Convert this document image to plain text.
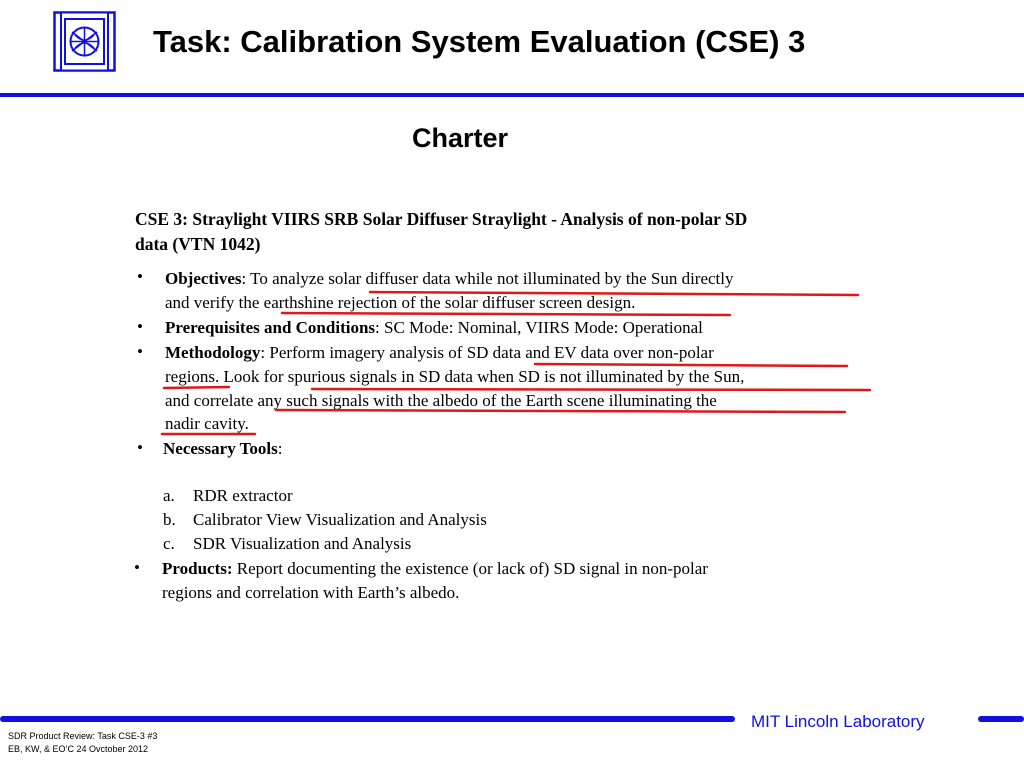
Task: Calibration System Evaluation (CSE) 3
Charter
CSE 3: Straylight VIIRS SRB Solar Diffuser Straylight - Analysis of non-polar SD
data (VTN 1042)
• Objectives: To analyze solar diffuser data while not illuminated by the Sun directly
and verify the earthshine rejection of the solar diffuser screen design.
• Prerequisites and Conditions: SC Mode: Nominal, VIIRS Mode: Operational
• Methodology: Perform imagery analysis of SD data and EV data over non-polar
regions. Look for spurious signals in SD data when SD is not illuminated by the Sun,
and correlate any such signals with the albedo of the Earth scene illuminating the
nadir cavity.
• Necessary Tools:
a. RDR extractor
b. Calibrator View Visualization and Analysis
c. SDR Visualization and Analysis
• Products: Report documenting the existence (or lack of) SD signal in non-polar
regions and correlation with Earth’s albedo.
MIT Lincoln Laboratory
SDR Product Review: Task CSE-3 #3
EB, KW, & EO’C 24 Ovctober 2012
